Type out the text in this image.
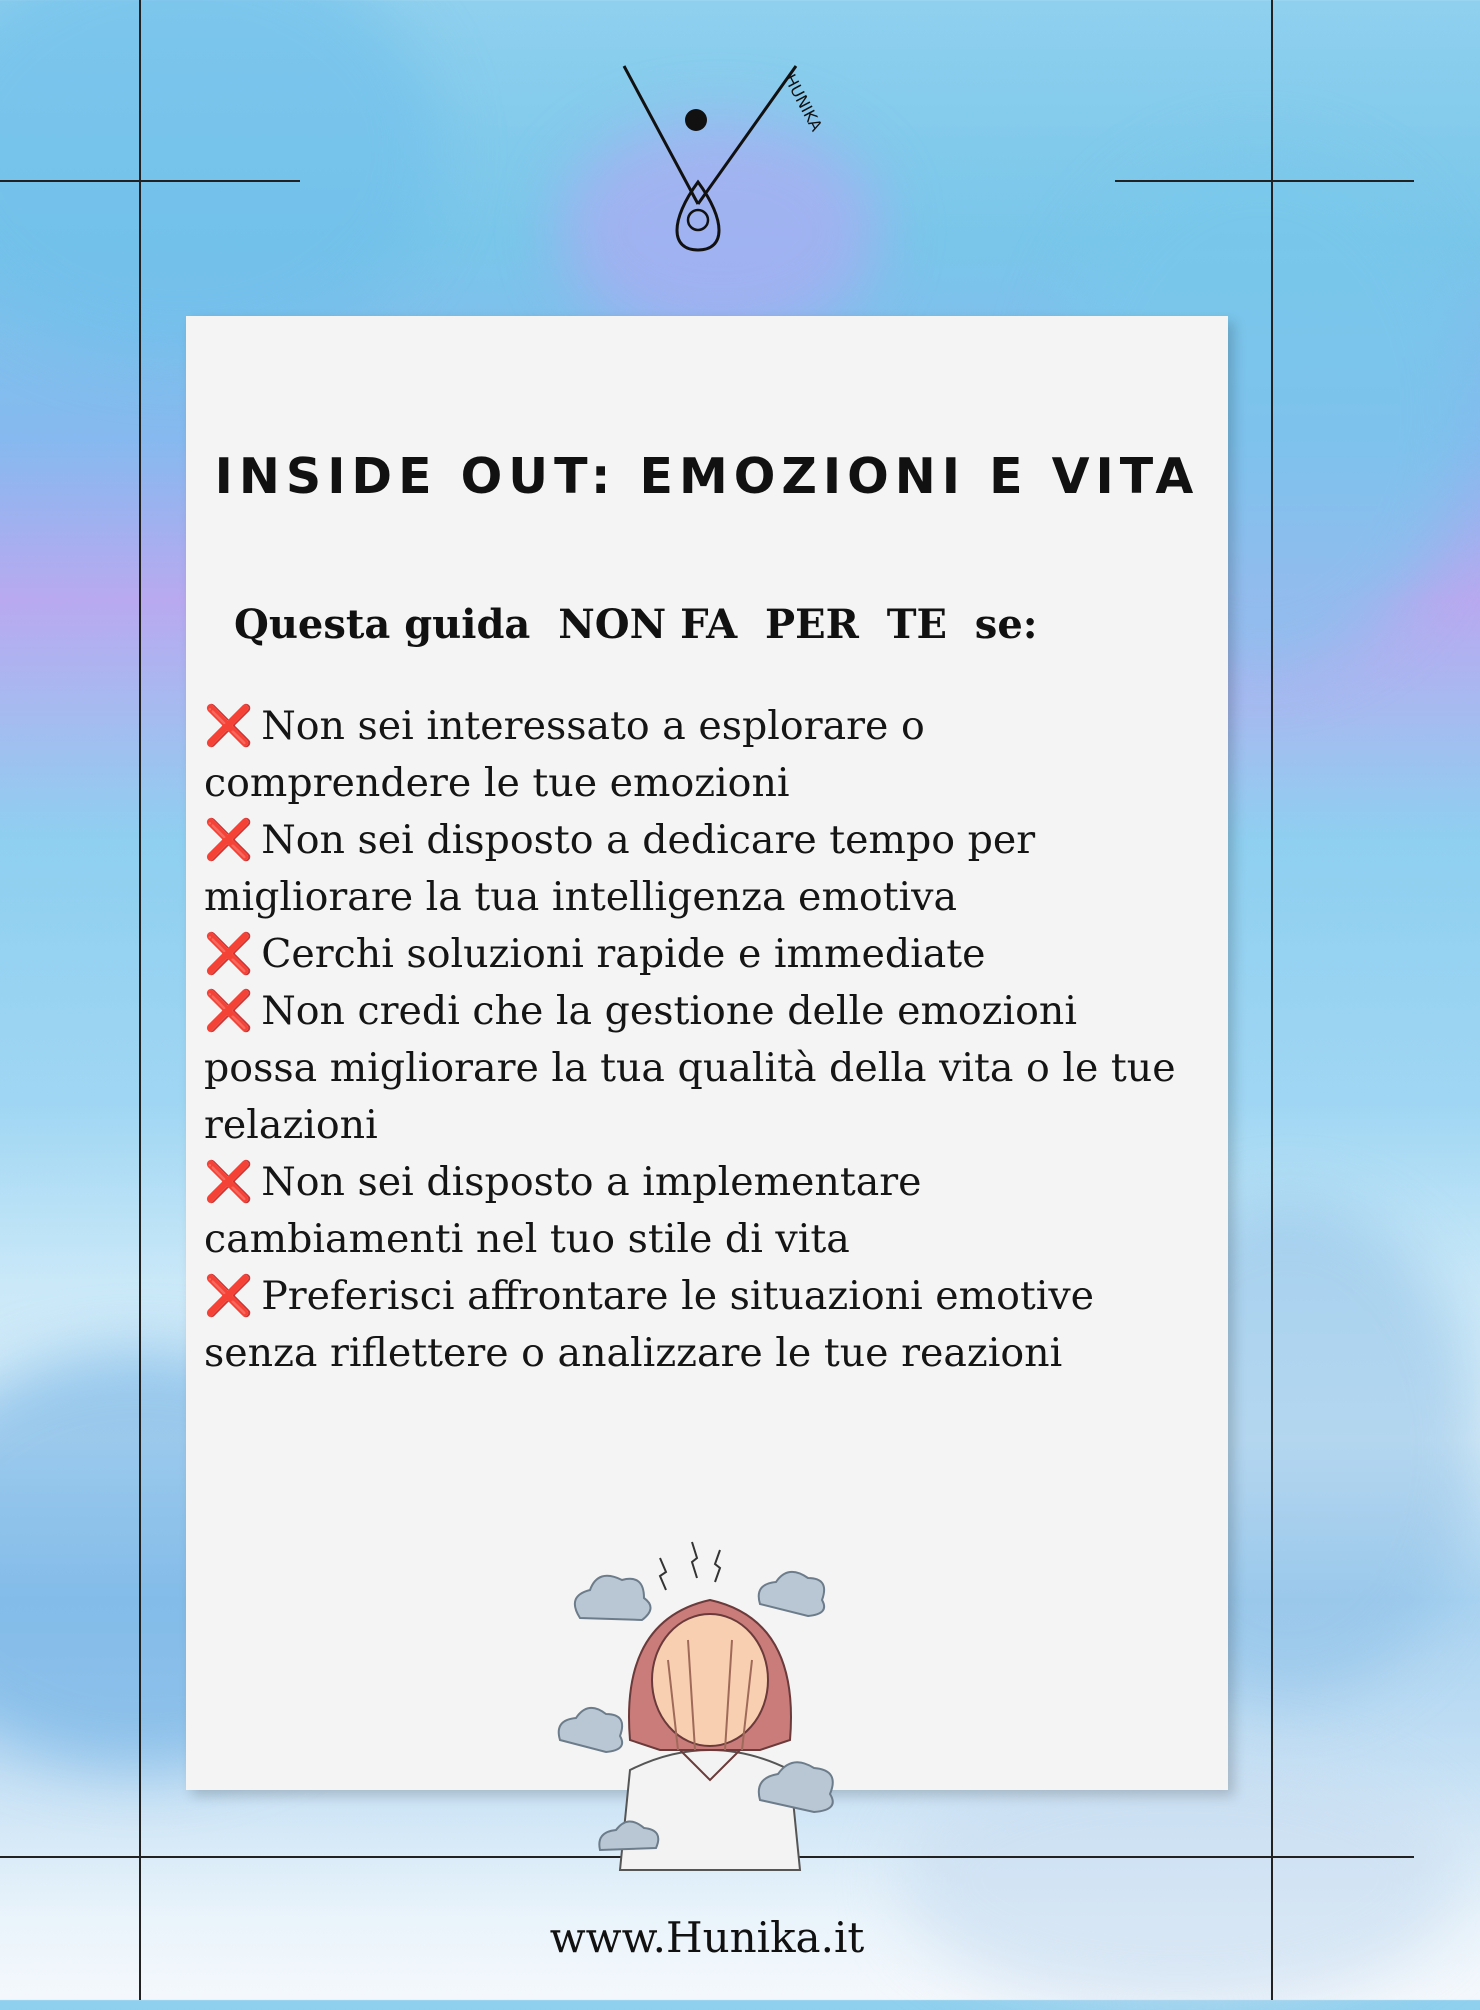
HUNIKA
INSIDE OUT: EMOZIONI E VITA
Questa guida  NON FA  PER  TE  se:
❌ Non sei interessato a esplorare o
comprendere le tue emozioni
❌ Non sei disposto a dedicare tempo per
migliorare la tua intelligenza emotiva
❌ Cerchi soluzioni rapide e immediate
❌ Non credi che la gestione delle emozioni
possa migliorare la tua qualità della vita o le tue
relazioni
❌ Non sei disposto a implementare
cambiamenti nel tuo stile di vita
❌ Preferisci affrontare le situazioni emotive
senza riflettere o analizzare le tue reazioni
www.Hunika.it
